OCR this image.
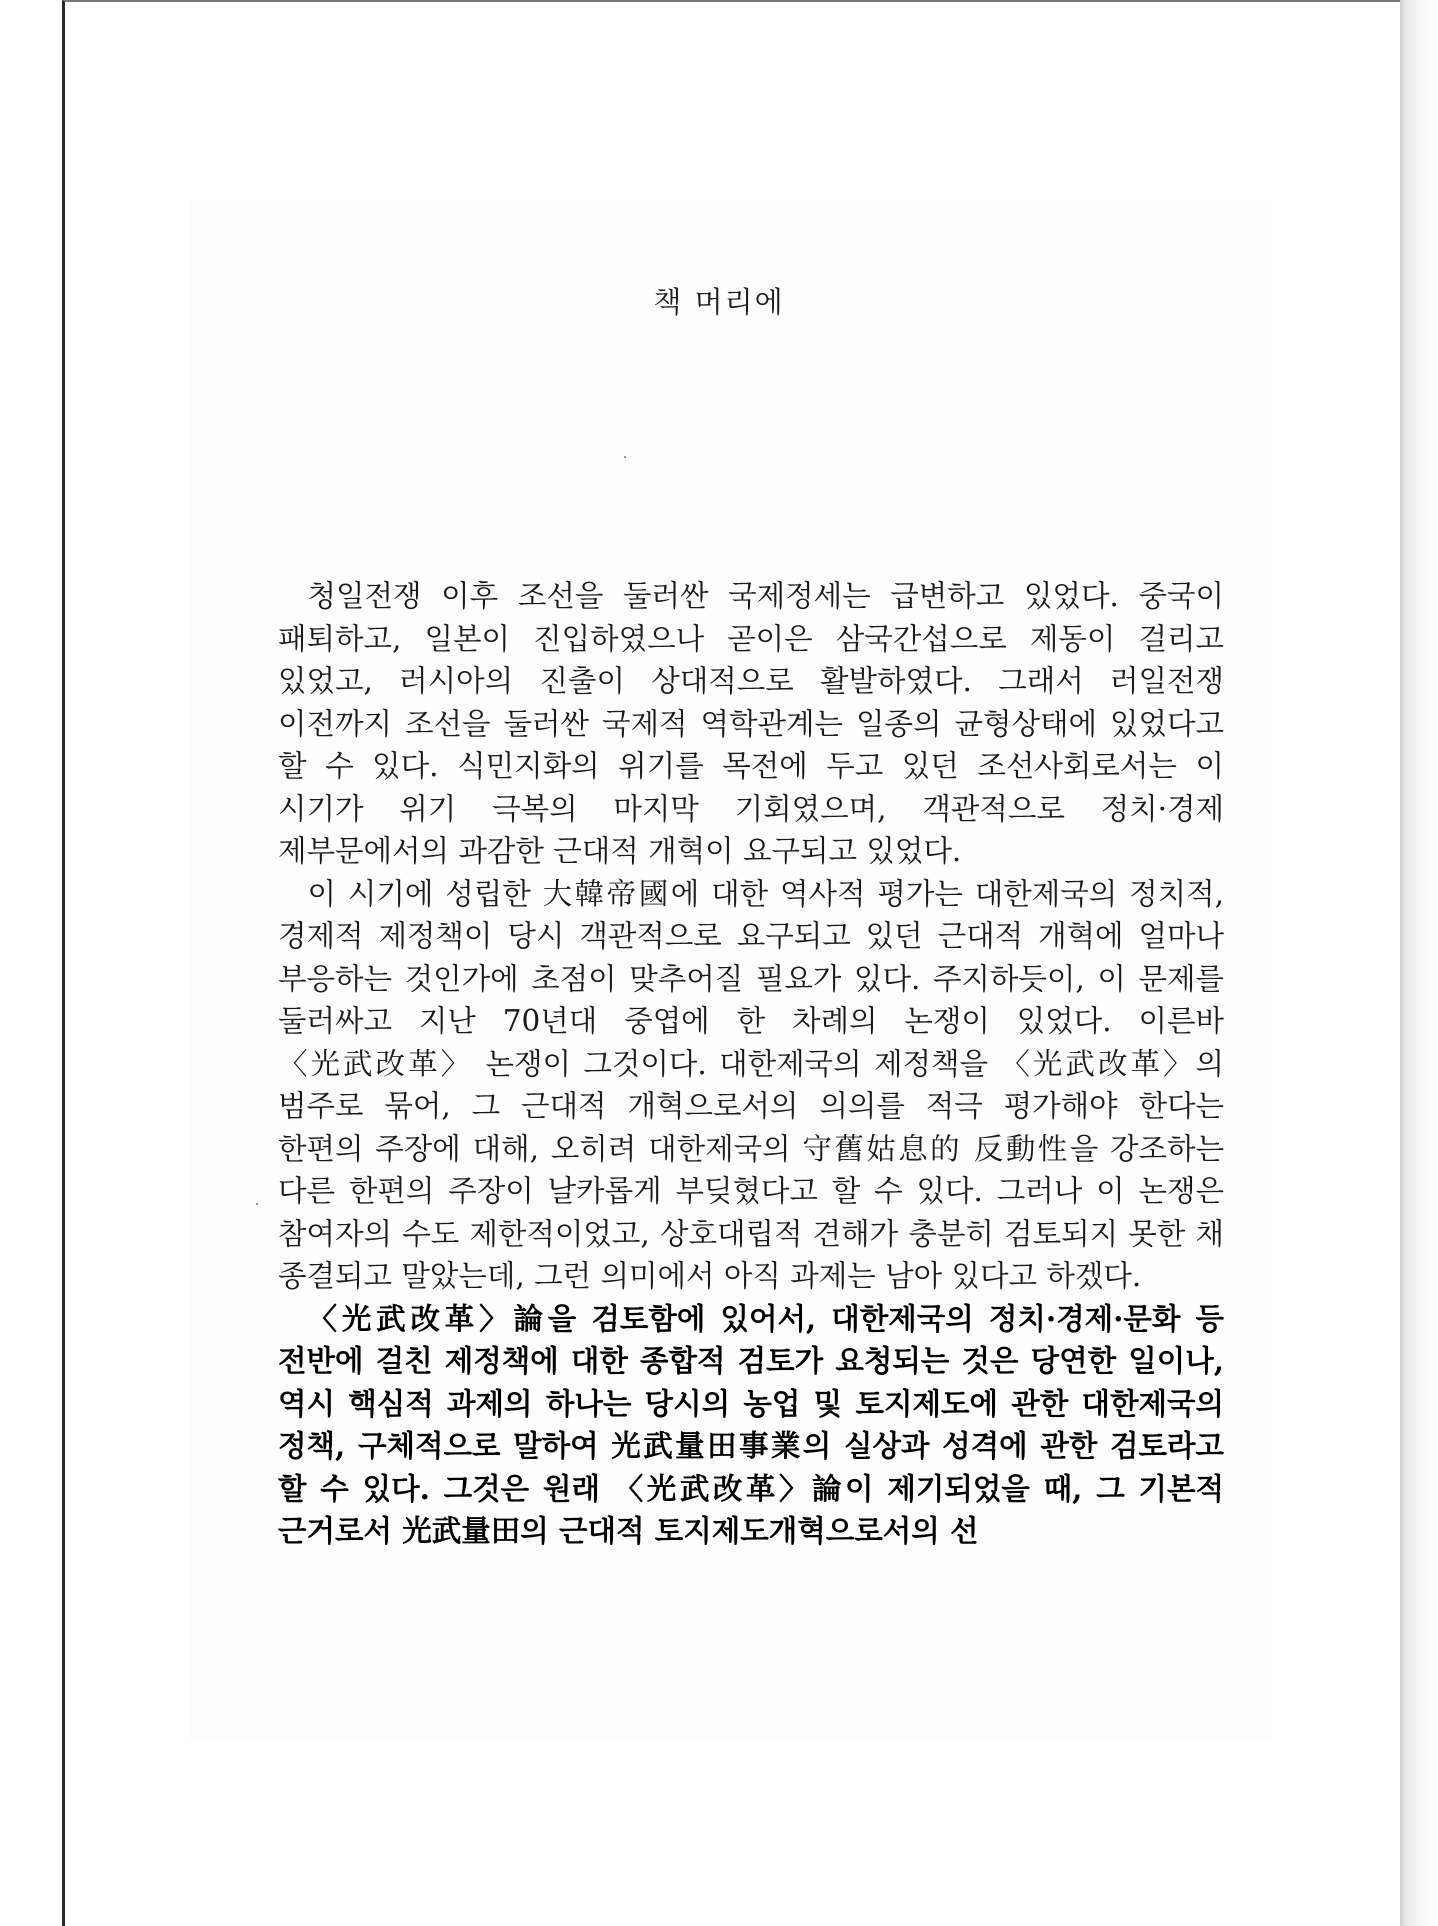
책 머리에

청일전쟁 이후 조선을 둘러싼 국제정세는 급변하고 있었다. 중국이 패퇴하고, 일본이 진입하였으나 곧이은 삼국간섭으로 제동이 걸리고 있었고, 러시아의 진출이 상대적으로 활발하였다. 그래서 러일전쟁 이전까지 조선을 둘러싼 국제적 역학관계는 일종의 균형상태에 있었다고 할 수 있다. 식민지화의 위기를 목전에 두고 있던 조선사회로서는 이 시기가 위기 극복의 마지막 기회였으며, 객관적으로 정치·경제 제부문에서의 과감한 근대적 개혁이 요구되고 있었다.

이 시기에 성립한 大韓帝國에 대한 역사적 평가는 대한제국의 정치적, 경제적 제정책이 당시 객관적으로 요구되고 있던 근대적 개혁에 얼마나 부응하는 것인가에 초점이 맞추어질 필요가 있다. 주지하듯이, 이 문제를 둘러싸고 지난 70년대 중엽에 한 차례의 논쟁이 있었다. 이른바 〈光武改革〉 논쟁이 그것이다. 대한제국의 제정책을 〈光武改革〉의 범주로 묶어, 그 근대적 개혁으로서의 의의를 적극 평가해야 한다는 한편의 주장에 대해, 오히려 대한제국의 守舊姑息的 反動性을 강조하는 다른 한편의 주장이 날카롭게 부딪혔다고 할 수 있다. 그러나 이 논쟁은 참여자의 수도 제한적이었고, 상호대립적 견해가 충분히 검토되지 못한 채 종결되고 말았는데, 그런 의미에서 아직 과제는 남아 있다고 하겠다.

〈光武改革〉論을 검토함에 있어서, 대한제국의 정치·경제·문화 등 전반에 걸친 제정책에 대한 종합적 검토가 요청되는 것은 당연한 일이나, 역시 핵심적 과제의 하나는 당시의 농업 및 토지제도에 관한 대한제국의 정책, 구체적으로 말하여 光武量田事業의 실상과 성격에 관한 검토라고 할 수 있다. 그것은 원래 〈光武改革〉論이 제기되었을 때, 그 기본적 근거로서 光武量田의 근대적 토지제도개혁으로서의 선
